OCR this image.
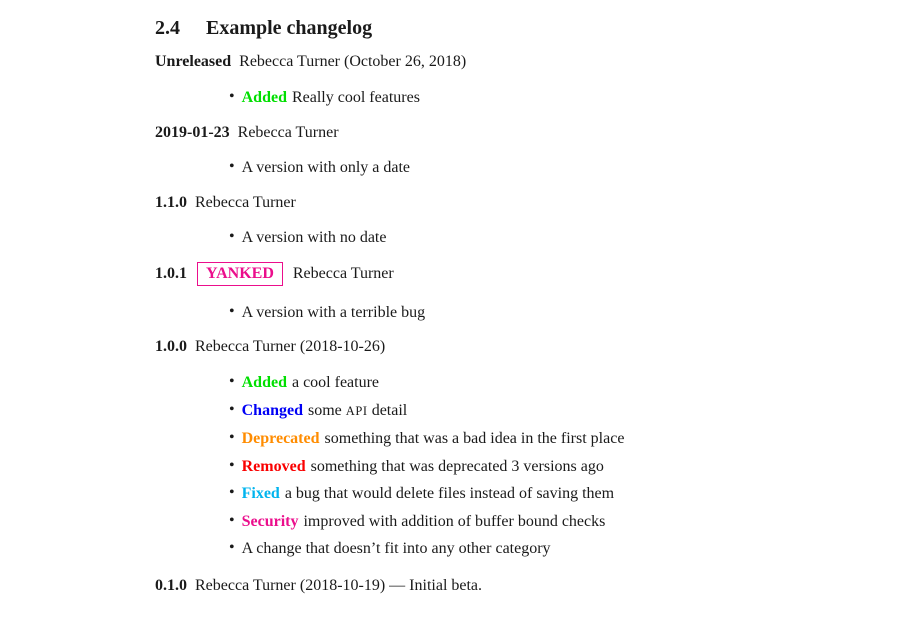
2.4 Example changelog
Unreleased Rebecca Turner (October 26, 2018)
• Added Really cool features
2019-01-23 Rebecca Turner
• A version with only a date
1.1.0 Rebecca Turner
• A version with no date
1.0.1 YANKED Rebecca Turner
• A version with a terrible bug
1.0.0 Rebecca Turner (2018-10-26)
• Added a cool feature
• Changed some API detail
• Deprecated something that was a bad idea in the first place
• Removed something that was deprecated 3 versions ago
• Fixed a bug that would delete files instead of saving them
• Security improved with addition of buffer bound checks
• A change that doesn’t fit into any other category
0.1.0 Rebecca Turner (2018-10-19) — Initial beta.
